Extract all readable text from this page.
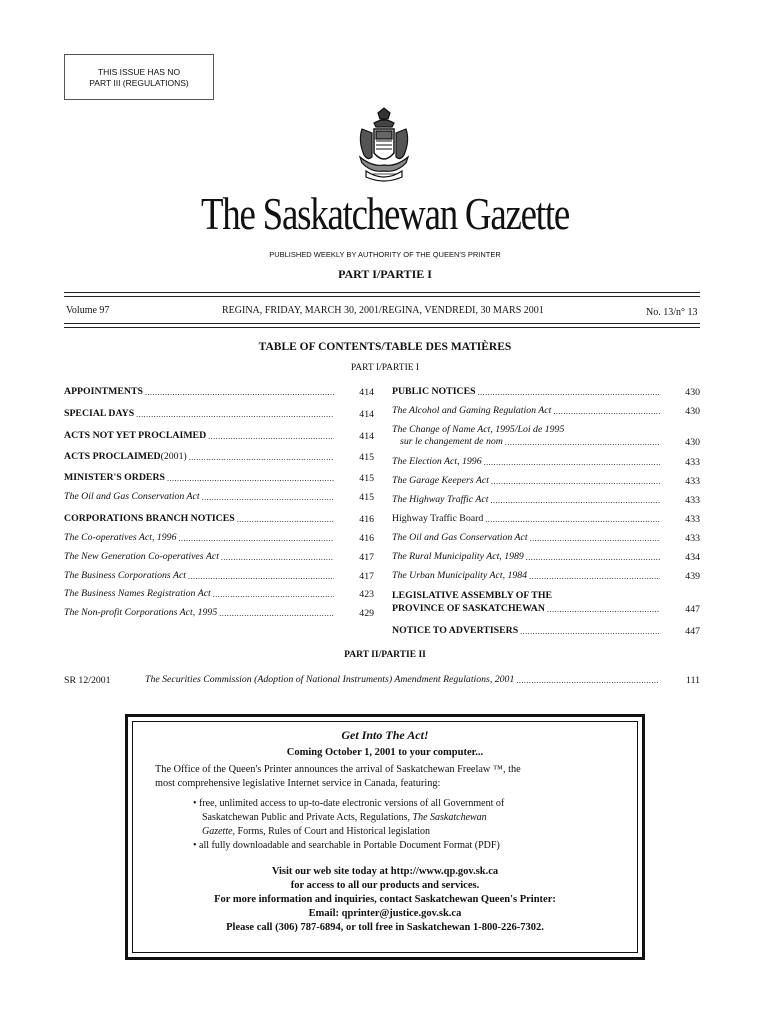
THIS ISSUE HAS NO
PART III (REGULATIONS)
The Saskatchewan Gazette
PUBLISHED WEEKLY BY AUTHORITY OF THE QUEEN'S PRINTER
PART I/PARTIE I
Volume 97	REGINA, FRIDAY, MARCH 30, 2001/REGINA, VENDREDI, 30 MARS 2001	No. 13/n° 13
TABLE OF CONTENTS/TABLE DES MATIÈRES
PART I/PARTIE I
APPOINTMENTS .....	414
SPECIAL DAYS .....	414
ACTS NOT YET PROCLAIMED .....	414
ACTS PROCLAIMED (2001) .....	415
MINISTER'S ORDERS .....	415
The Oil and Gas Conservation Act .....	415
CORPORATIONS BRANCH NOTICES .....	416
The Co-operatives Act, 1996 .....	416
The New Generation Co-operatives Act .....	417
The Business Corporations Act .....	417
The Business Names Registration Act .....	423
The Non-profit Corporations Act, 1995 .....	429
PUBLIC NOTICES .....	430
The Alcohol and Gaming Regulation Act .....	430
The Change of Name Act, 1995/Loi de 1995
sur le changement de nom .....	430
The Election Act, 1996 .....	433
The Garage Keepers Act .....	433
The Highway Traffic Act .....	433
Highway Traffic Board .....	433
The Oil and Gas Conservation Act .....	433
The Rural Municipality Act, 1989 .....	434
The Urban Municipality Act, 1984 .....	439
LEGISLATIVE ASSEMBLY OF THE
PROVINCE OF SASKATCHEWAN .....	447
NOTICE TO ADVERTISERS .....	447
PART II/PARTIE II
SR 12/2001	The Securities Commission (Adoption of National Instruments) Amendment Regulations, 2001 .....	111
Get Into The Act!
Coming October 1, 2001 to your computer...
The Office of the Queen's Printer announces the arrival of Saskatchewan Freelaw ™, the
most comprehensive legislative Internet service in Canada, featuring:
• free, unlimited access to up-to-date electronic versions of all Government of
Saskatchewan Public and Private Acts, Regulations, The Saskatchewan
Gazette, Forms, Rules of Court and Historical legislation
• all fully downloadable and searchable in Portable Document Format (PDF)
Visit our web site today at http://www.qp.gov.sk.ca
for access to all our products and services.
For more information and inquiries, contact Saskatchewan Queen's Printer:
Email: qprinter@justice.gov.sk.ca
Please call (306) 787-6894, or toll free in Saskatchewan 1-800-226-7302.
